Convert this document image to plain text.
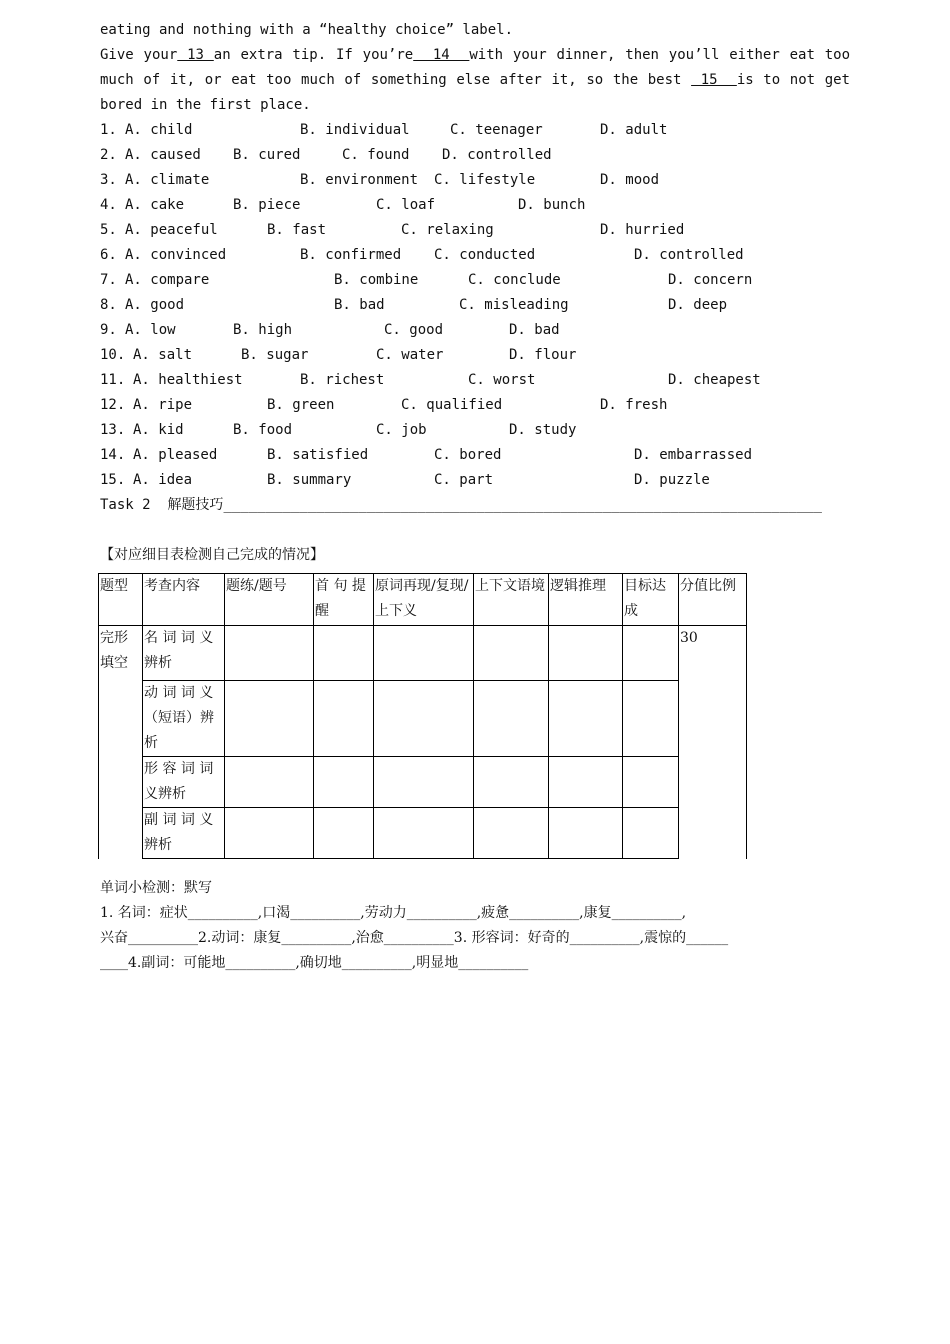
eating and nothing with a “healthy choice” label.
Give your 13 an extra tip. If you’re  14  with your dinner, then you’ll either eat too
much of it, or eat too much of something else after it, so the best  15  is to not get
bored in the first place.
1. A. child	B. individual	C. teenager	D. adult
2. A. caused B. cured	C. found D. controlled
3. A. climate	B. environment C. lifestyle	D. mood
4. A. cake	B. piece	C. loaf	D. bunch
5. A. peaceful	B. fast	C. relaxing	D. hurried
6. A. convinced	B. confirmed C. conducted	D. controlled
7. A. compare	B. combine	C. conclude	D. concern
8. A. good	B. bad	C. misleading	D. deep
9. A. low	B. high	C. good	D. bad
10. A. salt	B. sugar	C. water	D. flour
11. A. healthiest	B. richest	C. worst	D. cheapest
12. A. ripe	B. green	C. qualified	D. fresh
13. A. kid	B. food	C. job	D. study
14. A. pleased	B. satisfied	C. bored	D. embarrassed
15. A. idea	B. summary	C. part	D. puzzle
Task 2  解题技巧_______________________________________________________________________
【对应细目表检测自己完成的情况】
题型	考查内容	题练/题号	首 句 提醒	原词再现/复现/上下义	上下文语境	逻辑推理	目标达成	分值比例
完形填空	名 词 词 义辨析							30
	动 词 词 义（短语）辨析							
	形 容 词 词义辨析							
	副 词 词 义辨析							
单词小检测：默写
1. 名词：症状__________,口渴__________,劳动力__________,疲惫__________,康复__________,
兴奋__________2.动词：康复__________,治愈__________3. 形容词：好奇的__________,震惊的______
____4.副词：可能地__________,确切地__________,明显地__________
